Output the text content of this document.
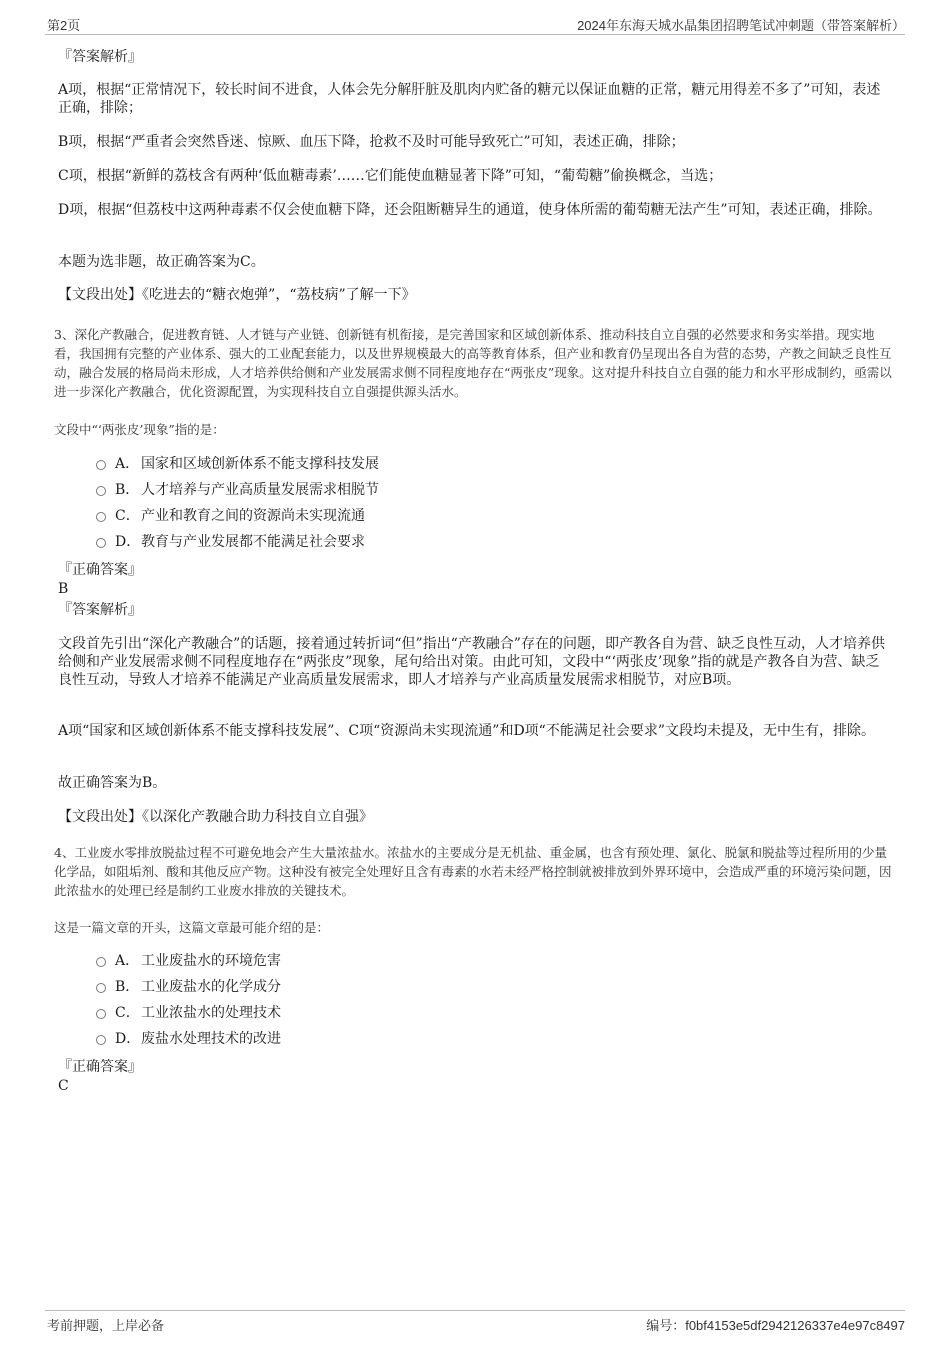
第2页	2024年东海天城水晶集团招聘笔试冲刺题（带答案解析）
『答案解析』
A项，根据“正常情况下，较长时间不进食，人体会先分解肝脏及肌肉内贮备的糖元以保证血糖的正常，糖元用得差不多了”可知，表述正确，排除；
B项，根据“严重者会突然昏迷、惊厥、血压下降，抢救不及时可能导致死亡”可知，表述正确，排除；
C项，根据“新鲜的荔枝含有两种‘低血糖毒素’……它们能使血糖显著下降”可知，“葡萄糖”偷换概念，当选；
D项，根据“但荔枝中这两种毒素不仅会使血糖下降，还会阻断糖异生的通道，使身体所需的葡萄糖无法产生”可知，表述正确，排除。
本题为选非题，故正确答案为C。
【文段出处】《吃进去的“糖衣炮弹”，“荔枝病”了解一下》
3、深化产教融合，促进教育链、人才链与产业链、创新链有机衔接，是完善国家和区域创新体系、推动科技自立自强的必然要求和务实举措。现实地看，我国拥有完整的产业体系、强大的工业配套能力，以及世界规模最大的高等教育体系，但产业和教育仍呈现出各自为营的态势，产教之间缺乏良性互动，融合发展的格局尚未形成，人才培养供给侧和产业发展需求侧不同程度地存在“两张皮”现象。这对提升科技自立自强的能力和水平形成制约，亟需以进一步深化产教融合，优化资源配置，为实现科技自立自强提供源头活水。
文段中“‘两张皮’现象”指的是：
A． 国家和区域创新体系不能支撑科技发展
B． 人才培养与产业高质量发展需求相脱节
C．产业和教育之间的资源尚未实现流通
D．教育与产业发展都不能满足社会要求
『正确答案』
B
『答案解析』
文段首先引出“深化产教融合”的话题，接着通过转折词“但”指出“产教融合”存在的问题，即产教各自为营、缺乏良性互动，人才培养供给侧和产业发展需求侧不同程度地存在“两张皮”现象，尾句给出对策。由此可知，文段中“‘两张皮’现象”指的就是产教各自为营、缺乏良性互动，导致人才培养不能满足产业高质量发展需求，即人才培养与产业高质量发展需求相脱节，对应B项。
A项“国家和区域创新体系不能支撑科技发展”、C项“资源尚未实现流通”和D项“不能满足社会要求”文段均未提及，无中生有，排除。
故正确答案为B。
【文段出处】《以深化产教融合助力科技自立自强》
4、工业废水零排放脱盐过程不可避免地会产生大量浓盐水。浓盐水的主要成分是无机盐、重金属，也含有预处理、氯化、脱氯和脱盐等过程所用的少量化学品，如阻垢剂、酸和其他反应产物。这种没有被完全处理好且含有毒素的水若未经严格控制就被排放到外界环境中，会造成严重的环境污染问题，因此浓盐水的处理已经是制约工业废水排放的关键技术。
这是一篇文章的开头，这篇文章最可能介绍的是：
A． 工业废盐水的环境危害
B． 工业废盐水的化学成分
C．工业浓盐水的处理技术
D．废盐水处理技术的改进
『正确答案』
C
考前押题，上岸必备	编号：f0bf4153e5df2942126337e4e97c8497
